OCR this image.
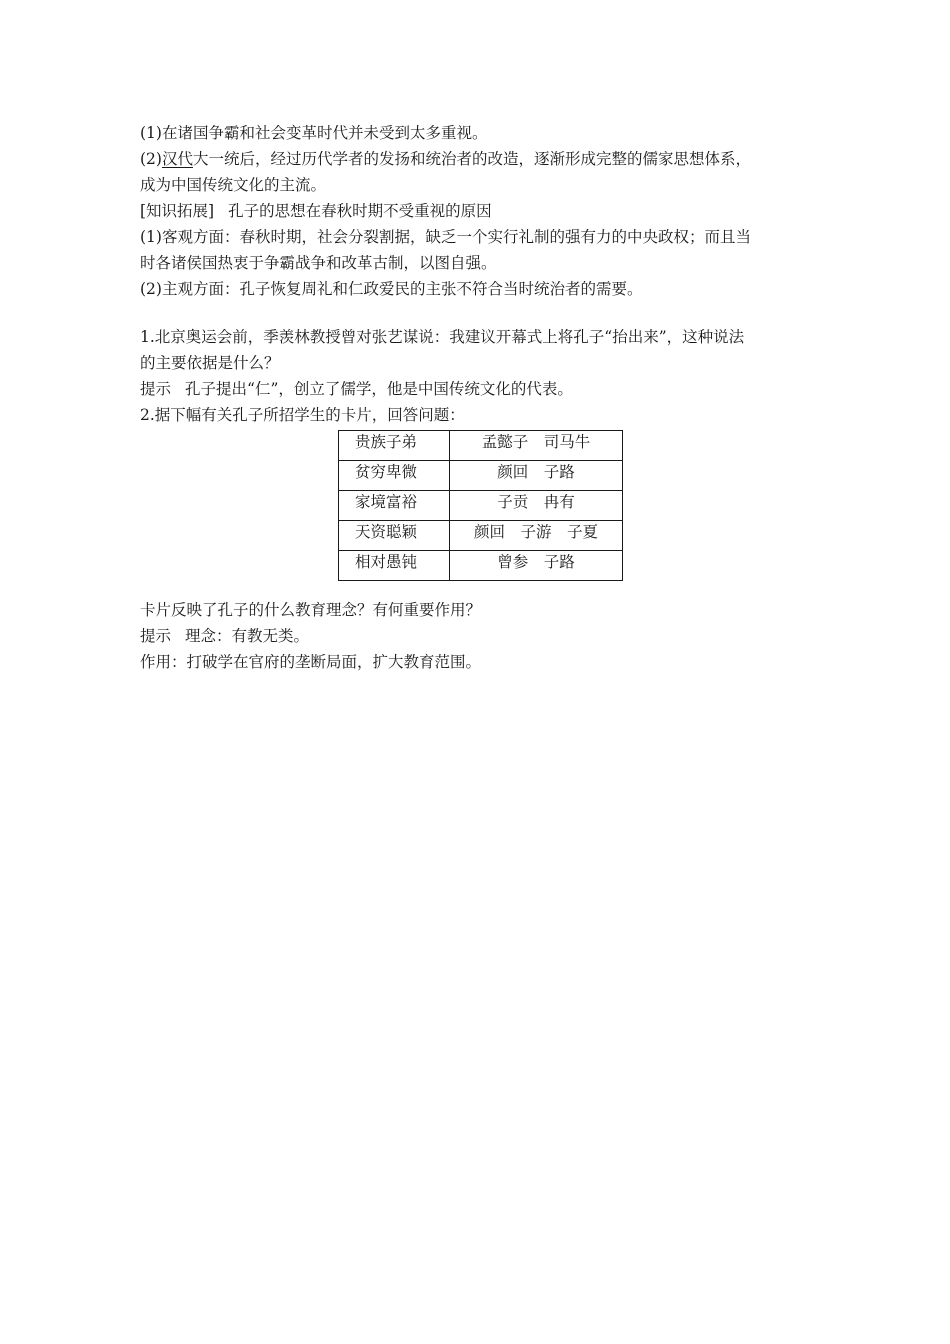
(1)在诸国争霸和社会变革时代并未受到太多重视。
(2)汉代大一统后，经过历代学者的发扬和统治者的改造，逐渐形成完整的儒家思想体系，
成为中国传统文化的主流。
[知识拓展] 孔子的思想在春秋时期不受重视的原因
(1)客观方面：春秋时期，社会分裂割据，缺乏一个实行礼制的强有力的中央政权；而且当
时各诸侯国热衷于争霸战争和改革古制，以图自强。
(2)主观方面：孔子恢复周礼和仁政爱民的主张不符合当时统治者的需要。
1.北京奥运会前，季羡林教授曾对张艺谋说：我建议开幕式上将孔子“抬出来”，这种说法
的主要依据是什么？
提示 孔子提出“仁”，创立了儒学，他是中国传统文化的代表。
2.据下幅有关孔子所招学生的卡片，回答问题：
贵族子弟	孟懿子　司马牛
贫穷卑微	颜回　子路
家境富裕	子贡　冉有
天资聪颖	颜回　子游　子夏
相对愚钝	曾参　子路
卡片反映了孔子的什么教育理念？有何重要作用？
提示 理念：有教无类。
作用：打破学在官府的垄断局面，扩大教育范围。
